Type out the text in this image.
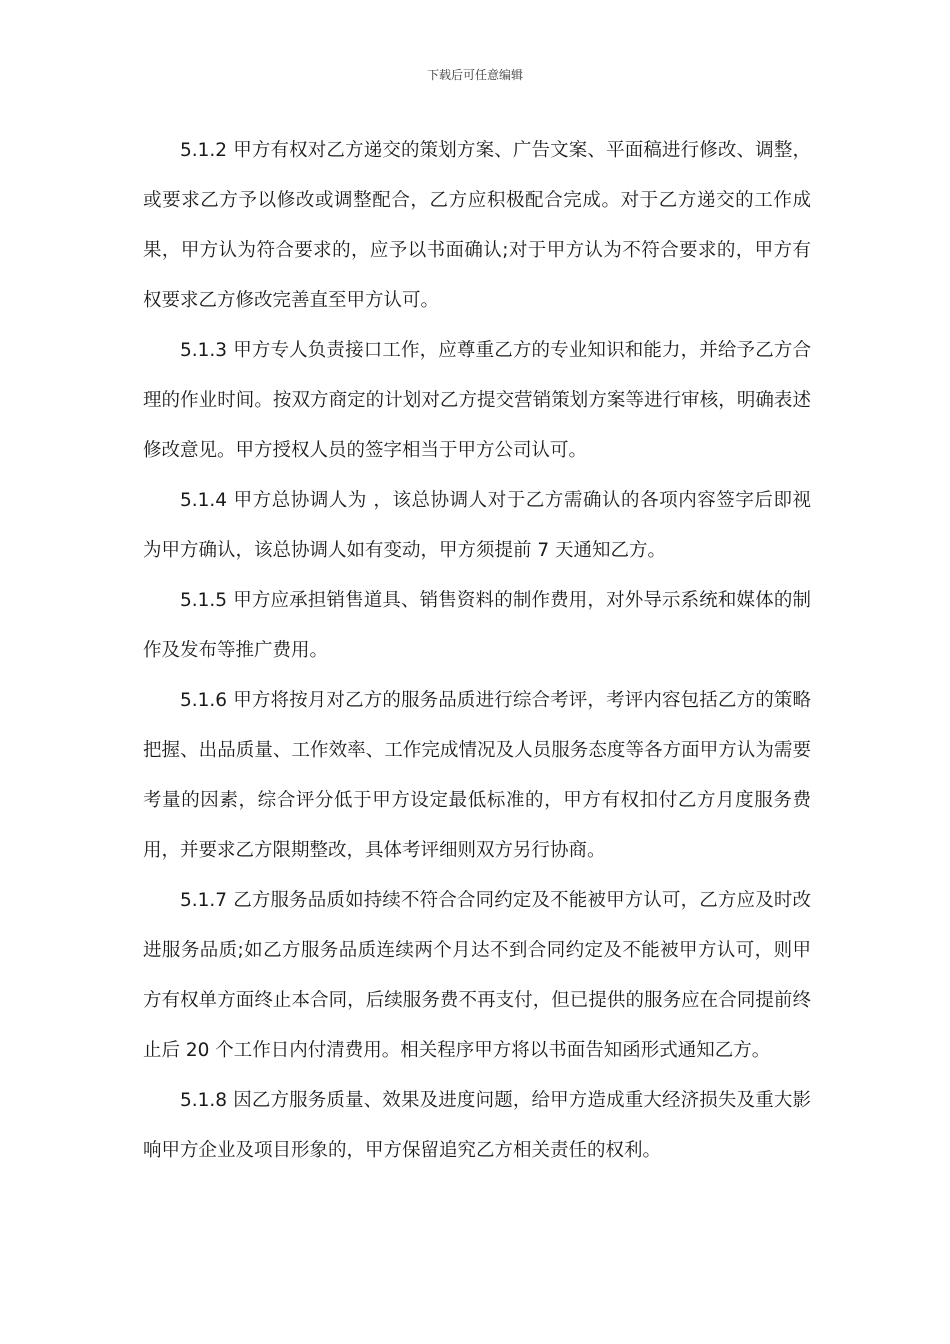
下载后可任意编辑

5.1.2 甲方有权对乙方递交的策划方案、广告文案、平面稿进行修改、调整，或要求乙方予以修改或调整配合，乙方应积极配合完成。对于乙方递交的工作成果，甲方认为符合要求的，应予以书面确认;对于甲方认为不符合要求的，甲方有权要求乙方修改完善直至甲方认可。

5.1.3 甲方专人负责接口工作，应尊重乙方的专业知识和能力，并给予乙方合理的作业时间。按双方商定的计划对乙方提交营销策划方案等进行审核，明确表述修改意见。甲方授权人员的签字相当于甲方公司认可。

5.1.4 甲方总协调人为 ，该总协调人对于乙方需确认的各项内容签字后即视为甲方确认，该总协调人如有变动，甲方须提前 7 天通知乙方。

5.1.5 甲方应承担销售道具、销售资料的制作费用，对外导示系统和媒体的制作及发布等推广费用。

5.1.6 甲方将按月对乙方的服务品质进行综合考评，考评内容包括乙方的策略把握、出品质量、工作效率、工作完成情况及人员服务态度等各方面甲方认为需要考量的因素，综合评分低于甲方设定最低标准的，甲方有权扣付乙方月度服务费用，并要求乙方限期整改，具体考评细则双方另行协商。

5.1.7 乙方服务品质如持续不符合合同约定及不能被甲方认可，乙方应及时改进服务品质;如乙方服务品质连续两个月达不到合同约定及不能被甲方认可，则甲方有权单方面终止本合同，后续服务费不再支付，但已提供的服务应在合同提前终止后 20 个工作日内付清费用。相关程序甲方将以书面告知函形式通知乙方。

5.1.8 因乙方服务质量、效果及进度问题，给甲方造成重大经济损失及重大影响甲方企业及项目形象的，甲方保留追究乙方相关责任的权利。
